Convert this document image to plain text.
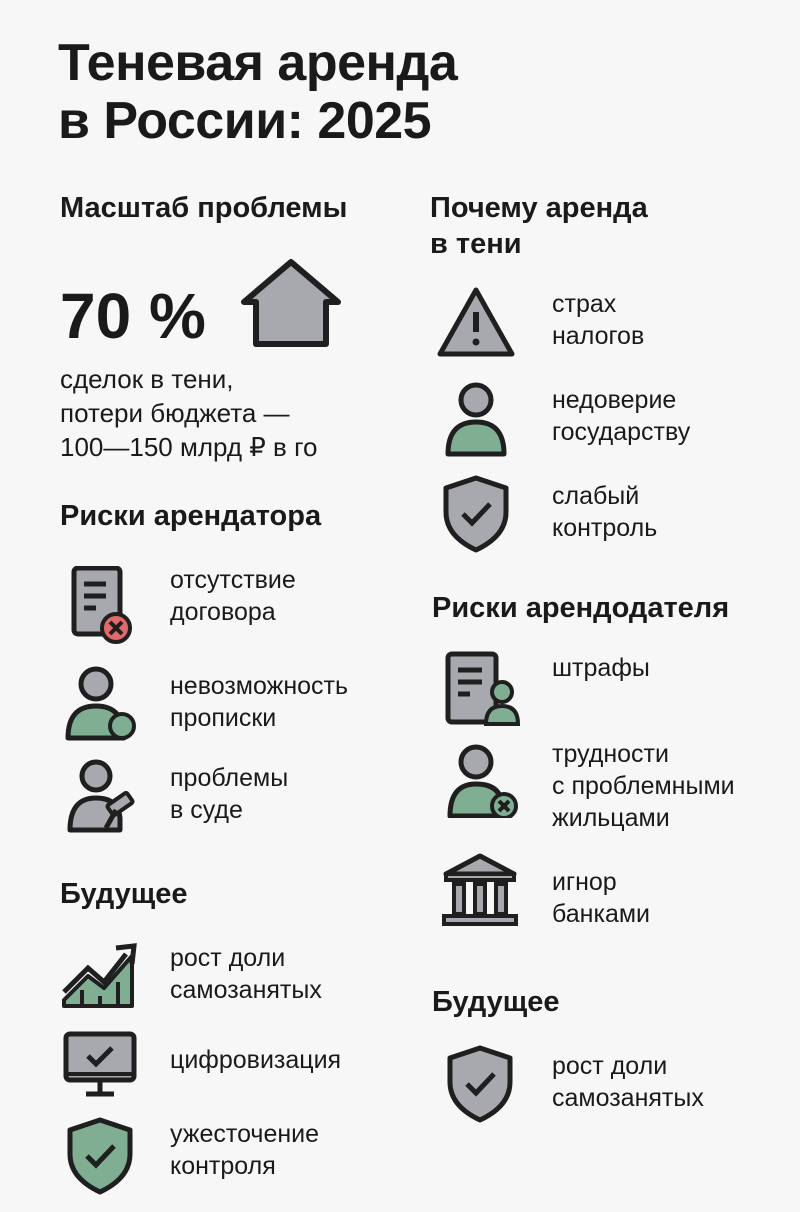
Теневая аренда
в России: 2025
Масштаб проблемы
70 %
сделок в тени,
потери бюджета —
100—150 млрд ₽ в го
Риски арендатора
отсутствие
договора
невозможность
прописки
проблемы
в суде
Будущее
рост доли
самозанятых
цифровизация
ужесточение
контроля
Почему аренда
в тени
страх
налогов
недоверие
государству
слабый
контроль
Риски арендодателя
штрафы
трудности
с проблемными
жильцами
игнор
банками
Будущее
рост доли
самозанятых
